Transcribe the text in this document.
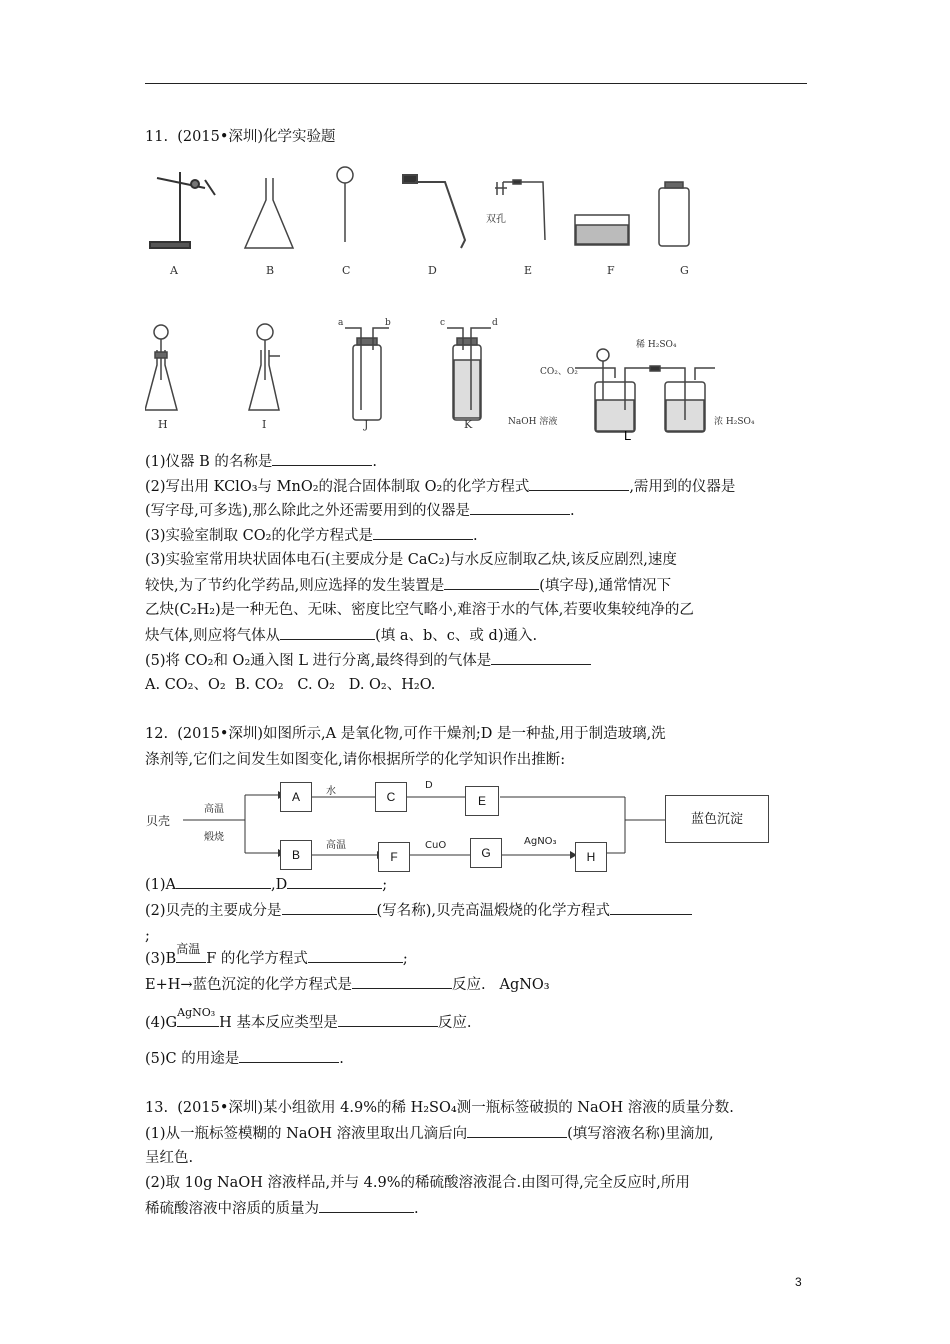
11.  (2015•深圳)化学实验题
A	B	C	D	E	F	G
双孔
H	I	J	K
a	b	c	d
稀 H₂SO₄
CO₂、O₂
NaOH 溶液	浓 H₂SO₄
L
(1)仪器 B 的名称是	.
(2)写出用 KClO₃与 MnO₂的混合固体制取 O₂的化学方程式	,需用到的仪器是
(写字母,可多选),那么除此之外还需要用到的仪器是	.
(3)实验室制取 CO₂的化学方程式是	.
(3)实验室常用块状固体电石(主要成分是 CaC₂)与水反应制取乙炔,该反应剧烈,速度
较快,为了节约化学药品,则应选择的发生装置是	(填字母),通常情况下
乙炔(C₂H₂)是一种无色、无味、密度比空气略小,难溶于水的气体,若要收集较纯净的乙
炔气体,则应将气体从	(填 a、b、c、或 d)通入.
(5)将 CO₂和 O₂通入图 L 进行分离,最终得到的气体是
A. CO₂、O₂  B. CO₂   C. O₂   D. O₂、H₂O.
12.  (2015•深圳)如图所示,A 是氧化物,可作干燥剂;D 是一种盐,用于制造玻璃,洗
涤剂等,它们之间发生如图变化,请你根据所学的化学知识作出推断:
贝壳
高温
煅烧
A	水	C
D
E
蓝色沉淀
B
高温
F
CuO
G
AgNO₃
H
(1)A	,D	;
(2)贝壳的主要成分是	(写名称),贝壳高温煅烧的化学方程式
;
(3)B
高温
F 的化学方程式	;
E+H→蓝色沉淀的化学方程式是	反应. AgNO₃
(4)G
AgNO₃
H 基本反应类型是	反应.
(5)C 的用途是	.
13.  (2015•深圳)某小组欲用 4.9%的稀 H₂SO₄测一瓶标签破损的 NaOH 溶液的质量分数.
(1)从一瓶标签模糊的 NaOH 溶液里取出几滴后向	(填写溶液名称)里滴加,
呈红色.
(2)取 10g NaOH 溶液样品,并与 4.9%的稀硫酸溶液混合.由图可得,完全反应时,所用
稀硫酸溶液中溶质的质量为	.
3
